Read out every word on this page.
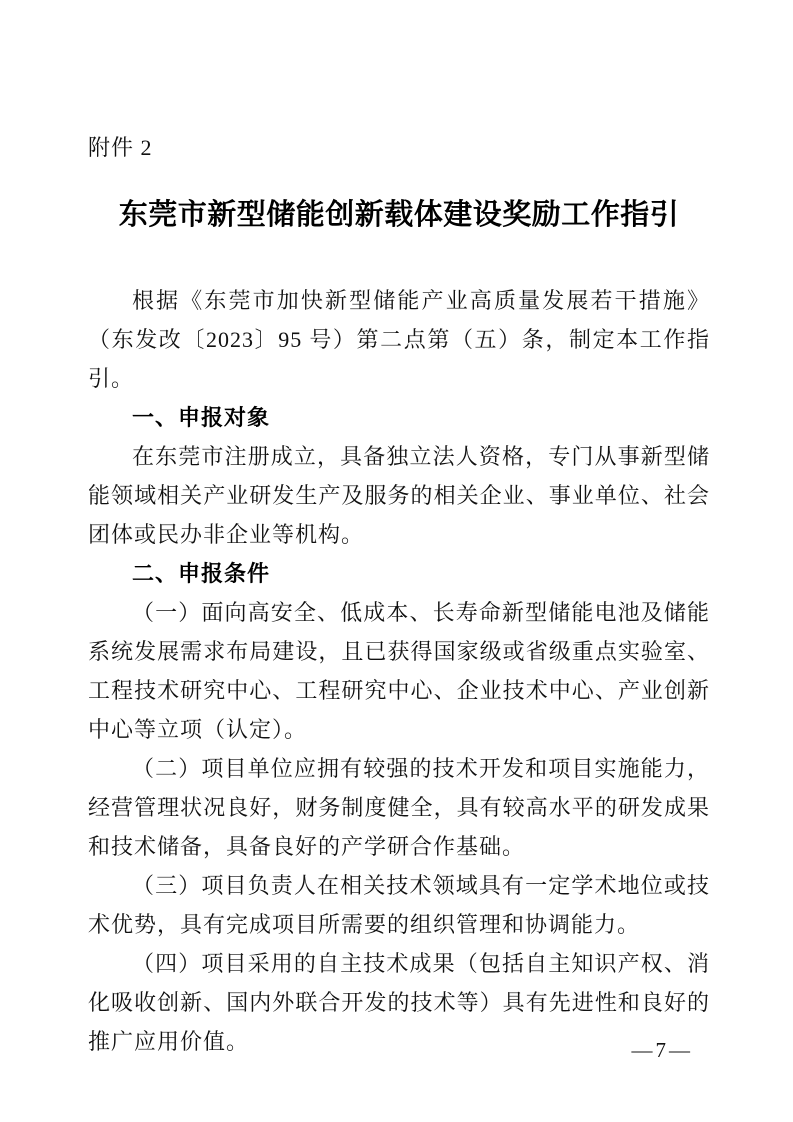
附件 2
东莞市新型储能创新载体建设奖励工作指引

根据《东莞市加快新型储能产业高质量发展若干措施》（东发改〔2023〕95 号）第二点第（五）条，制定本工作指引。

一、申报对象

在东莞市注册成立，具备独立法人资格，专门从事新型储能领域相关产业研发生产及服务的相关企业、事业单位、社会团体或民办非企业等机构。

二、申报条件

（一）面向高安全、低成本、长寿命新型储能电池及储能系统发展需求布局建设，且已获得国家级或省级重点实验室、工程技术研究中心、工程研究中心、企业技术中心、产业创新中心等立项（认定）。

（二）项目单位应拥有较强的技术开发和项目实施能力，经营管理状况良好，财务制度健全，具有较高水平的研发成果和技术储备，具备良好的产学研合作基础。

（三）项目负责人在相关技术领域具有一定学术地位或技术优势，具有完成项目所需要的组织管理和协调能力。

（四）项目采用的自主技术成果（包括自主知识产权、消化吸收创新、国内外联合开发的技术等）具有先进性和良好的推广应用价值。	—7—
